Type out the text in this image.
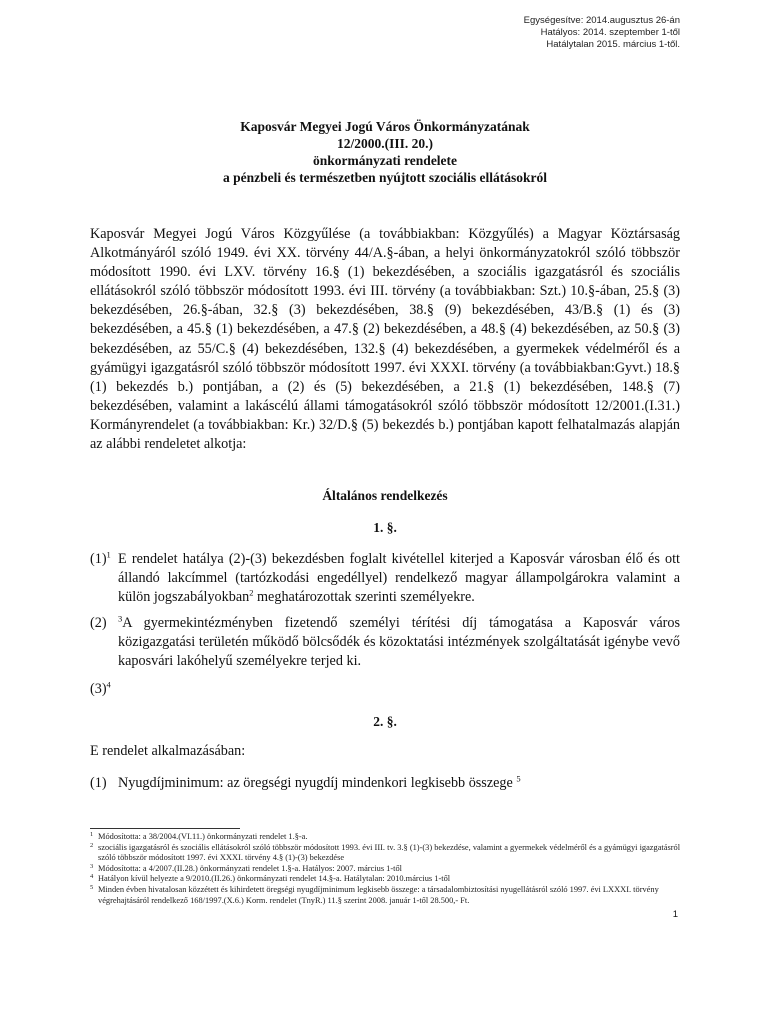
Egységesítve: 2014.augusztus 26-án
Hatályos: 2014. szeptember 1-től
Hatálytalan 2015. március 1-től.
Kaposvár Megyei Jogú Város Önkormányzatának
12/2000.(III. 20.)
önkormányzati rendelete
a pénzbeli és természetben nyújtott szociális ellátásokról
Kaposvár Megyei Jogú Város Közgyűlése (a továbbiakban: Közgyűlés) a Magyar Köztársaság Alkotmányáról szóló 1949. évi XX. törvény 44/A.§-ában, a helyi önkormányzatokról szóló többször módosított 1990. évi LXV. törvény 16.§ (1) bekezdésében, a szociális igazgatásról és szociális ellátásokról szóló többször módosított 1993. évi III. törvény (a továbbiakban: Szt.) 10.§-ában, 25.§ (3) bekezdésében, 26.§-ában, 32.§ (3) bekezdésében, 38.§ (9) bekezdésében, 43/B.§ (1) és (3) bekezdésében, a 45.§ (1) bekezdésében, a 47.§ (2) bekezdésében, a 48.§ (4) bekezdésében, az 50.§ (3) bekezdésében, az 55/C.§ (4) bekezdésében, 132.§ (4) bekezdésében, a gyermekek védelméről és a gyámügyi igazgatásról szóló többször módosított 1997. évi XXXI. törvény (a továbbiakban:Gyvt.) 18.§ (1) bekezdés b.) pontjában, a (2) és (5) bekezdésében, a 21.§ (1) bekezdésében, 148.§ (7) bekezdésében, valamint a lakáscélú állami támogatásokról szóló többször módosított 12/2001.(I.31.) Kormányrendelet (a továbbiakban: Kr.) 32/D.§ (5) bekezdés b.) pontjában kapott felhatalmazás alapján az alábbi rendeletet alkotja:
Általános rendelkezés
1. §.
$(1)^1$ E rendelet hatálya (2)-(3) bekezdésben foglalt kivétellel kiterjed a Kaposvár városban élő és ott állandó lakcímmel (tartózkodási engedéllyel) rendelkező magyar állampolgárokra valamint a külön jogszabályokban$^2$ meghatározottak szerinti személyekre.
(2) $^3$A gyermekintézményben fizetendő személyi térítési díj támogatása a Kaposvár város közigazgatási területén működő bölcsődék és közoktatási intézmények szolgáltatását igénybe vevő kaposvári lakóhelyű személyekre terjed ki.
$(3)^4$
2. §.
E rendelet alkalmazásában:
(1) Nyugdíjminimum: az öregségi nyugdíj mindenkori legkisebb összege $^5$
1 Módosította: a 38/2004.(VI.11.) önkormányzati rendelet 1.§-a.
2 szociális igazgatásról és szociális ellátásokról szóló többször módosított 1993. évi III. tv. 3.§ (1)-(3) bekezdése, valamint a gyermekek védelméről és a gyámügyi igazgatásról szóló többször módosított 1997. évi XXXI. törvény 4.§ (1)-(3) bekezdése
3 Módosította: a 4/2007.(II.28.) önkormányzati rendelet 1.§-a. Hatályos: 2007. március 1-től
4 Hatályon kívül helyezte a 9/2010.(II.26.) önkormányzati rendelet 14.§-a. Hatálytalan: 2010.március 1-től
5 Minden évben hivatalosan közzétett és kihirdetett öregségi nyugdíjminimum legkisebb összege: a társadalombiztosítási nyugellátásról szóló 1997. évi LXXXI. törvény végrehajtásáról rendelkező 168/1997.(X.6.) Korm. rendelet (TnyR.) 11.§ szerint 2008. január 1-től 28.500,- Ft.
1
